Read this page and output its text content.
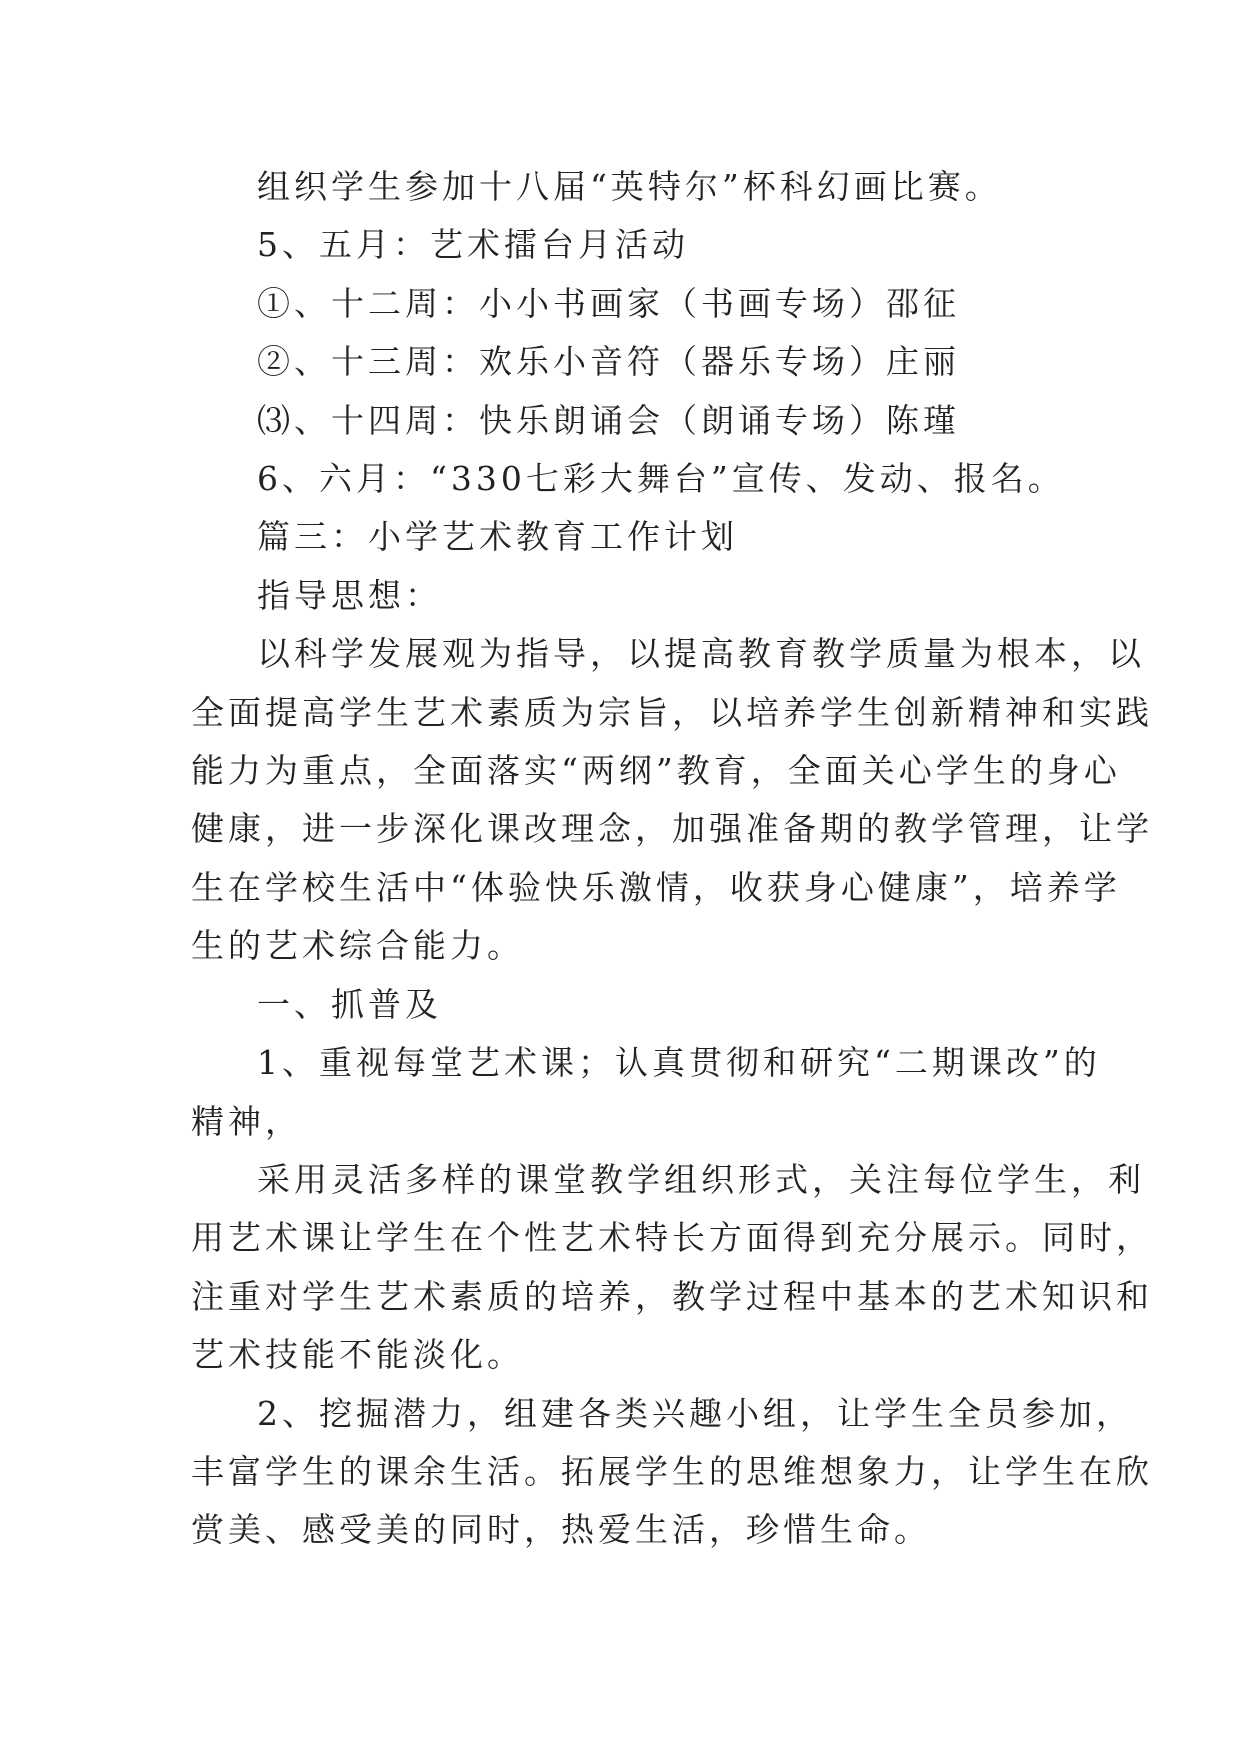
组织学生参加十八届“英特尔”杯科幻画比赛。

5、五月：艺术擂台月活动

①、十二周：小小书画家（书画专场）邵征

②、十三周：欢乐小音符（器乐专场）庄丽

⑶、十四周：快乐朗诵会（朗诵专场）陈瑾

6、六月：“330七彩大舞台”宣传、发动、报名。

篇三：小学艺术教育工作计划

指导思想：

以科学发展观为指导，以提高教育教学质量为根本，以

全面提高学生艺术素质为宗旨，以培养学生创新精神和实践

能力为重点，全面落实“两纲”教育，全面关心学生的身心

健康，进一步深化课改理念，加强准备期的教学管理，让学

生在学校生活中“体验快乐激情，收获身心健康”，培养学

生的艺术综合能力。

一、抓普及

1、重视每堂艺术课；认真贯彻和研究“二期课改”的

精神，

采用灵活多样的课堂教学组织形式，关注每位学生，利

用艺术课让学生在个性艺术特长方面得到充分展示。同时，

注重对学生艺术素质的培养，教学过程中基本的艺术知识和

艺术技能不能淡化。

2、挖掘潜力，组建各类兴趣小组，让学生全员参加，

丰富学生的课余生活。拓展学生的思维想象力，让学生在欣

赏美、感受美的同时，热爱生活，珍惜生命。
